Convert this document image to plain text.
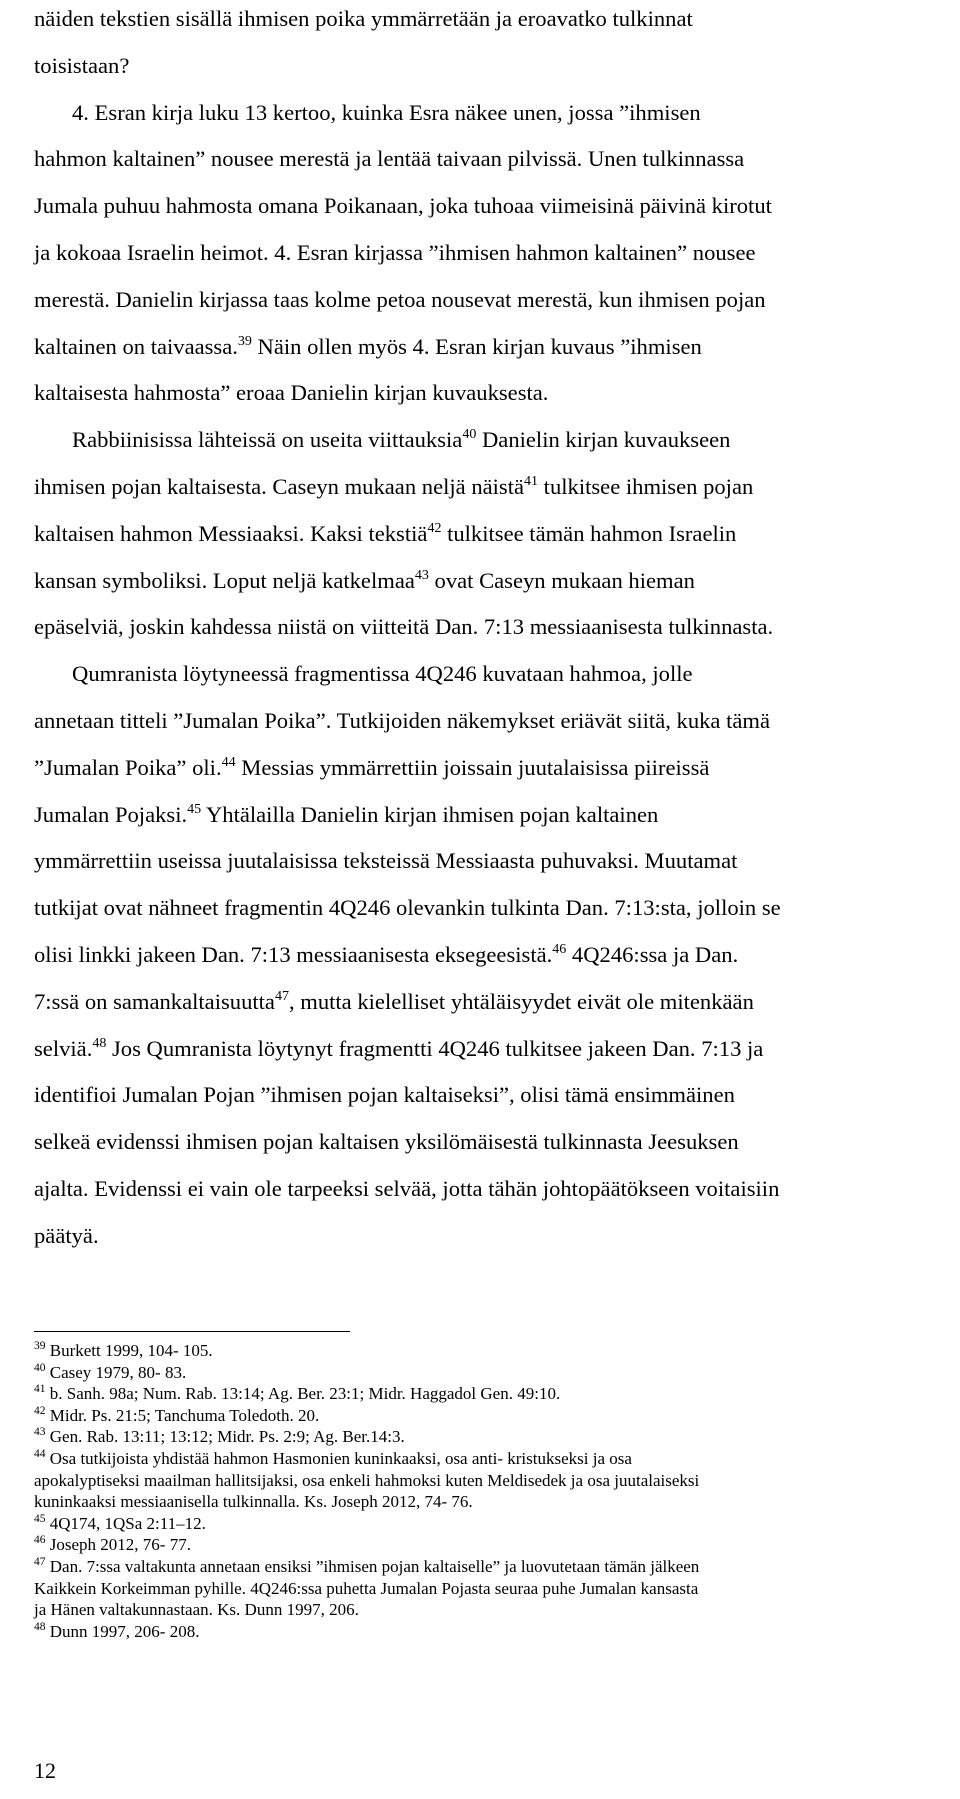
näiden tekstien sisällä ihmisen poika ymmärretään ja eroavatko tulkinnat
toisistaan?
4. Esran kirja luku 13 kertoo, kuinka Esra näkee unen, jossa ”ihmisen
hahmon kaltainen” nousee merestä ja lentää taivaan pilvissä. Unen tulkinnassa
Jumala puhuu hahmosta omana Poikanaan, joka tuhoaa viimeisinä päivinä kirotut
ja kokoaa Israelin heimot. 4. Esran kirjassa ”ihmisen hahmon kaltainen” nousee
merestä. Danielin kirjassa taas kolme petoa nousevat merestä, kun ihmisen pojan
kaltainen on taivaassa.$^{39}$ Näin ollen myös 4. Esran kirjan kuvaus ”ihmisen
kaltaisesta hahmosta” eroaa Danielin kirjan kuvauksesta.

Rabbiinisissa lähteissä on useita viittauksia$^{40}$ Danielin kirjan kuvaukseen
ihmisen pojan kaltaisesta. Caseyn mukaan neljä näistä$^{41}$ tulkitsee ihmisen pojan
kaltaisen hahmon Messiaaksi. Kaksi tekstiä$^{42}$ tulkitsee tämän hahmon Israelin
kansan symboliksi. Loput neljä katkelmaa$^{43}$ ovat Caseyn mukaan hieman
epäselviä, joskin kahdessa niistä on viitteitä Dan. 7:13 messiaanisesta tulkinnasta.

Qumranista löytyneessä fragmentissa 4Q246 kuvataan hahmoa, jolle
annetaan titteli ”Jumalan Poika”. Tutkijoiden näkemykset eriävät siitä, kuka tämä
”Jumalan Poika” oli.$^{44}$ Messias ymmärrettiin joissain juutalaisissa piireissä
Jumalan Pojaksi.$^{45}$ Yhtälailla Danielin kirjan ihmisen pojan kaltainen
ymmärrettiin useissa juutalaisissa teksteissä Messiaasta puhuvaksi. Muutamat
tutkijat ovat nähneet fragmentin 4Q246 olevankin tulkinta Dan. 7:13:sta, jolloin se
olisi linkki jakeen Dan. 7:13 messiaanisesta eksegeesistä.$^{46}$ 4Q246:ssa ja Dan.
7:ssä on samankaltaisuutta$^{47}$, mutta kielelliset yhtäläisyydet eivät ole mitenkään
selviä.$^{48}$ Jos Qumranista löytynyt fragmentti 4Q246 tulkitsee jakeen Dan. 7:13 ja
identifioi Jumalan Pojan ”ihmisen pojan kaltaiseksi”, olisi tämä ensimmäinen
selkeä evidenssi ihmisen pojan kaltaisen yksilömäisestä tulkinnasta Jeesuksen
ajalta. Evidenssi ei vain ole tarpeeksi selvää, jotta tähän johtopäätökseen voitaisiin
päätyä.

$^{39}$ Burkett 1999, 104- 105.
$^{40}$ Casey 1979, 80- 83.
$^{41}$ b. Sanh. 98a; Num. Rab. 13:14; Ag. Ber. 23:1; Midr. Haggadol Gen. 49:10.
$^{42}$ Midr. Ps. 21:5; Tanchuma Toledoth. 20.
$^{43}$ Gen. Rab. 13:11; 13:12; Midr. Ps. 2:9; Ag. Ber.14:3.
$^{44}$ Osa tutkijoista yhdistää hahmon Hasmonien kuninkaaksi, osa anti- kristukseksi ja osa
apokalyptiseksi maailman hallitsijaksi, osa enkeli hahmoksi kuten Meldisedek ja osa juutalaiseksi
kuninkaaksi messiaanisella tulkinnalla. Ks. Joseph 2012, 74- 76.
$^{45}$ 4Q174, 1QSa 2:11–12.
$^{46}$ Joseph 2012, 76- 77.
$^{47}$ Dan. 7:ssa valtakunta annetaan ensiksi ”ihmisen pojan kaltaiselle” ja luovutetaan tämän jälkeen
Kaikkein Korkeimman pyhille. 4Q246:ssa puhetta Jumalan Pojasta seuraa puhe Jumalan kansasta
ja Hänen valtakunnastaan. Ks. Dunn 1997, 206.
$^{48}$ Dunn 1997, 206- 208.
12
